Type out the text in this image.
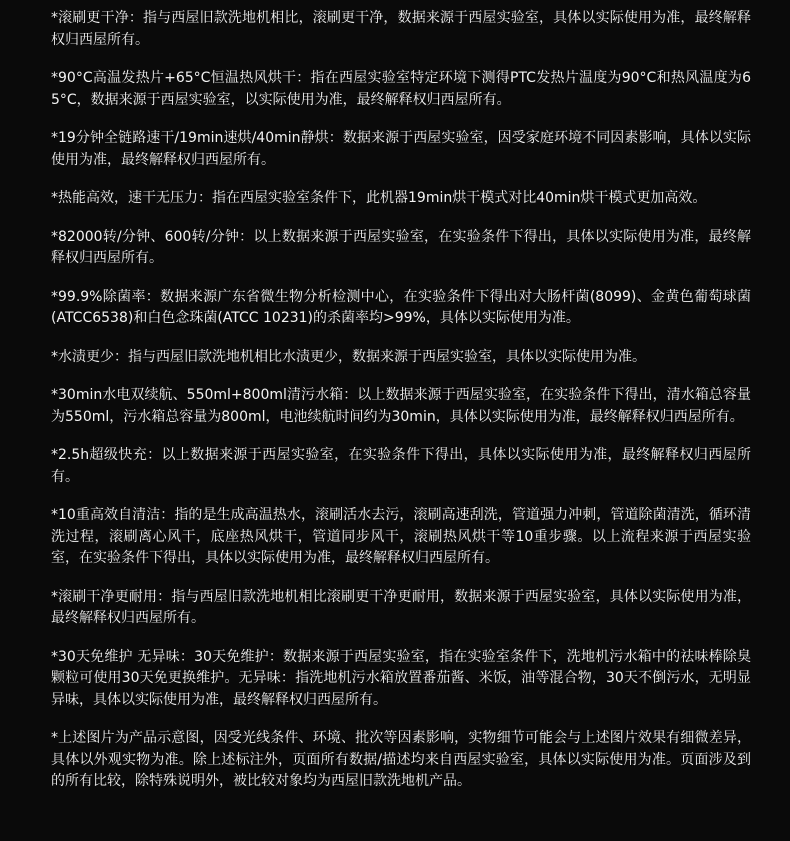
*滚刷更干净：指与西屋旧款洗地机相比，滚刷更干净，数据来源于西屋实验室，具体以实际使用为准，最终解释权归西屋所有。
*90°C高温发热片+65°C恒温热风烘干：指在西屋实验室特定环境下测得PTC发热片温度为90°C和热风温度为65°C，数据来源于西屋实验室，以实际使用为准，最终解释权归西屋所有。
*19分钟全链路速干/19min速烘/40min静烘：数据来源于西屋实验室，因受家庭环境不同因素影响，具体以实际使用为准，最终解释权归西屋所有。
*热能高效，速干无压力：指在西屋实验室条件下，此机器19min烘干模式对比40min烘干模式更加高效。
*82000转/分钟、600转/分钟：以上数据来源于西屋实验室，在实验条件下得出，具体以实际使用为准，最终解释权归西屋所有。
*99.9%除菌率：数据来源广东省微生物分析检测中心，在实验条件下得出对大肠杆菌(8099)、金黄色葡萄球菌(ATCC6538)和白色念珠菌(ATCC 10231)的杀菌率均>99%，具体以实际使用为准。
*水渍更少：指与西屋旧款洗地机相比水渍更少，数据来源于西屋实验室，具体以实际使用为准。
*30min水电双续航、550ml+800ml清污水箱：以上数据来源于西屋实验室，在实验条件下得出，清水箱总容量为550ml，污水箱总容量为800ml，电池续航时间约为30min，具体以实际使用为准，最终解释权归西屋所有。
*2.5h超级快充：以上数据来源于西屋实验室，在实验条件下得出，具体以实际使用为准，最终解释权归西屋所有。
*10重高效自清洁：指的是生成高温热水，滚刷活水去污，滚刷高速刮洗，管道强力冲刺，管道除菌清洗，循环清洗过程，滚刷离心风干，底座热风烘干，管道同步风干，滚刷热风烘干等10重步骤。以上流程来源于西屋实验室，在实验条件下得出，具体以实际使用为准，最终解释权归西屋所有。
*滚刷干净更耐用：指与西屋旧款洗地机相比滚刷更干净更耐用，数据来源于西屋实验室，具体以实际使用为准，最终解释权归西屋所有。
*30天免维护 无异味：30天免维护：数据来源于西屋实验室，指在实验室条件下，洗地机污水箱中的祛味棒除臭颗粒可使用30天免更换维护。无异味：指洗地机污水箱放置番茄酱、米饭，油等混合物，30天不倒污水，无明显异味，具体以实际使用为准，最终解释权归西屋所有。
*上述图片为产品示意图，因受光线条件、环境、批次等因素影响，实物细节可能会与上述图片效果有细微差异，具体以外观实物为准。除上述标注外，页面所有数据/描述均来自西屋实验室，具体以实际使用为准。页面涉及到的所有比较，除特殊说明外，被比较对象均为西屋旧款洗地机产品。
